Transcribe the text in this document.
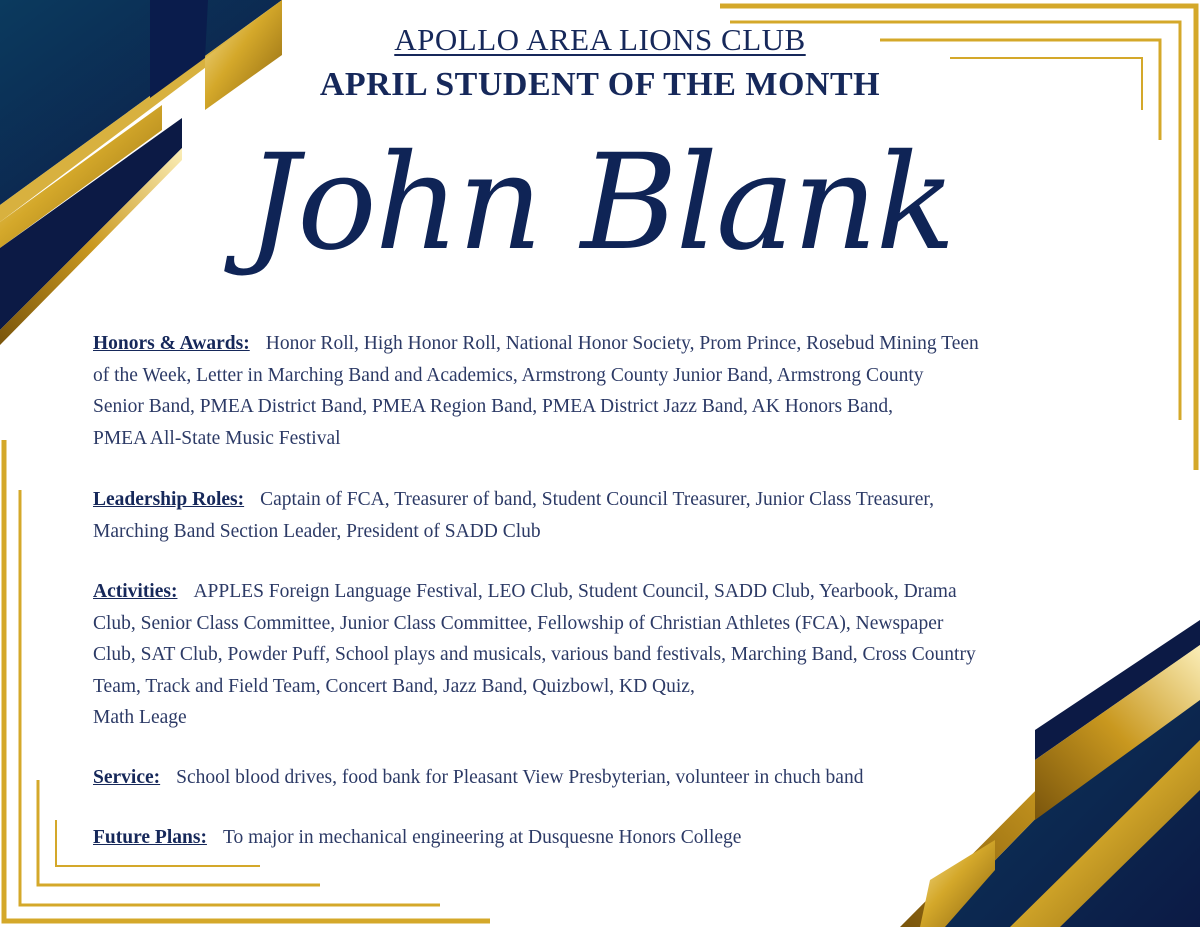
APOLLO AREA LIONS CLUB
APRIL STUDENT OF THE MONTH
John Blank

Honors & Awards: Honor Roll, High Honor Roll, National Honor Society, Prom Prince, Rosebud Mining Teen
of the Week, Letter in Marching Band and Academics, Armstrong County Junior Band, Armstrong County
Senior Band, PMEA District Band, PMEA Region Band, PMEA District Jazz Band, AK Honors Band,
PMEA All-State Music Festival

Leadership Roles: Captain of FCA, Treasurer of band, Student Council Treasurer, Junior Class Treasurer,
Marching Band Section Leader, President of SADD Club

Activities: APPLES Foreign Language Festival, LEO Club, Student Council, SADD Club, Yearbook, Drama
Club, Senior Class Committee, Junior Class Committee, Fellowship of Christian Athletes (FCA), Newspaper
Club, SAT Club, Powder Puff, School plays and musicals, various band festivals, Marching Band, Cross Country
Team, Track and Field Team, Concert Band, Jazz Band, Quizbowl, KD Quiz,
Math Leage

Service: School blood drives, food bank for Pleasant View Presbyterian, volunteer in chuch band

Future Plans: To major in mechanical engineering at Dusquesne Honors College
